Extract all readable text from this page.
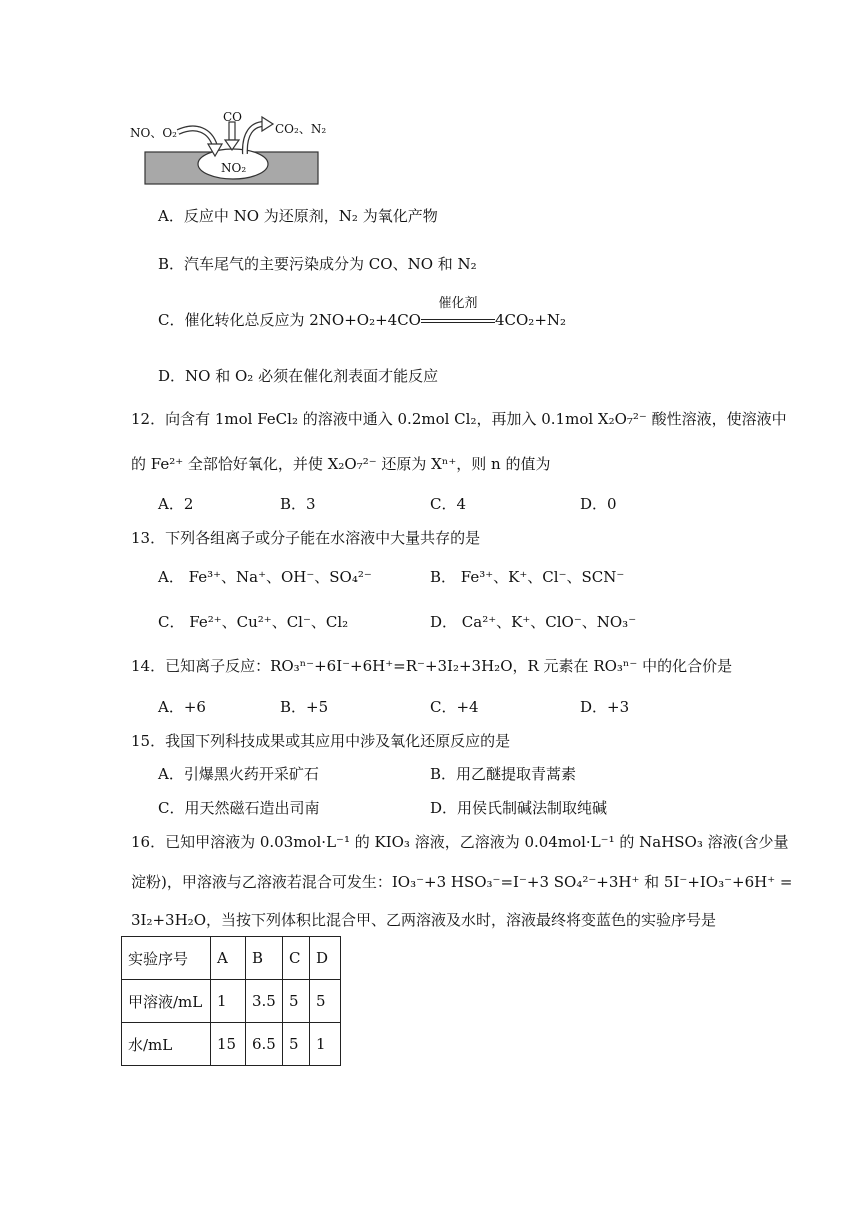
NO、O₂
CO
CO₂、N₂
NO₂
A．反应中 NO 为还原剂，N₂ 为氧化产物
B．汽车尾气的主要污染成分为 CO、NO 和 N₂
C．催化转化总反应为 2NO+O₂+4CO
催化剂
4CO₂+N₂
D．NO 和 O₂ 必须在催化剂表面才能反应
12．向含有 1mol FeCl₂ 的溶液中通入 0.2mol Cl₂，再加入 0.1mol X₂O₇²⁻ 酸性溶液，使溶液中
的 Fe²⁺ 全部恰好氧化，并使 X₂O₇²⁻ 还原为 Xⁿ⁺，则 n 的值为
A．2	B．3	C．4	D．0
13．下列各组离子或分子能在水溶液中大量共存的是
A． Fe³⁺、Na⁺、OH⁻、SO₄²⁻	B． Fe³⁺、K⁺、Cl⁻、SCN⁻
C． Fe²⁺、Cu²⁺、Cl⁻、Cl₂	D． Ca²⁺、K⁺、ClO⁻、NO₃⁻
14．已知离子反应：RO₃ⁿ⁻+6I⁻+6H⁺=R⁻+3I₂+3H₂O，R 元素在 RO₃ⁿ⁻ 中的化合价是
A．+6	B．+5	C．+4	D．+3
15．我国下列科技成果或其应用中涉及氧化还原反应的是
A．引爆黑火药开采矿石	B．用乙醚提取青蒿素
C．用天然磁石造出司南	D．用侯氏制碱法制取纯碱
16．已知甲溶液为 0.03mol·L⁻¹ 的 KIO₃ 溶液，乙溶液为 0.04mol·L⁻¹ 的 NaHSO₃ 溶液(含少量
淀粉)，甲溶液与乙溶液若混合可发生：IO₃⁻+3 HSO₃⁻=I⁻+3 SO₄²⁻+3H⁺ 和 5I⁻+IO₃⁻+6H⁺ =
3I₂+3H₂O，当按下列体积比混合甲、乙两溶液及水时，溶液最终将变蓝色的实验序号是
实验序号	A	B	C	D
甲溶液/mL	1	3.5	5	5
水/mL	15	6.5	5	1
